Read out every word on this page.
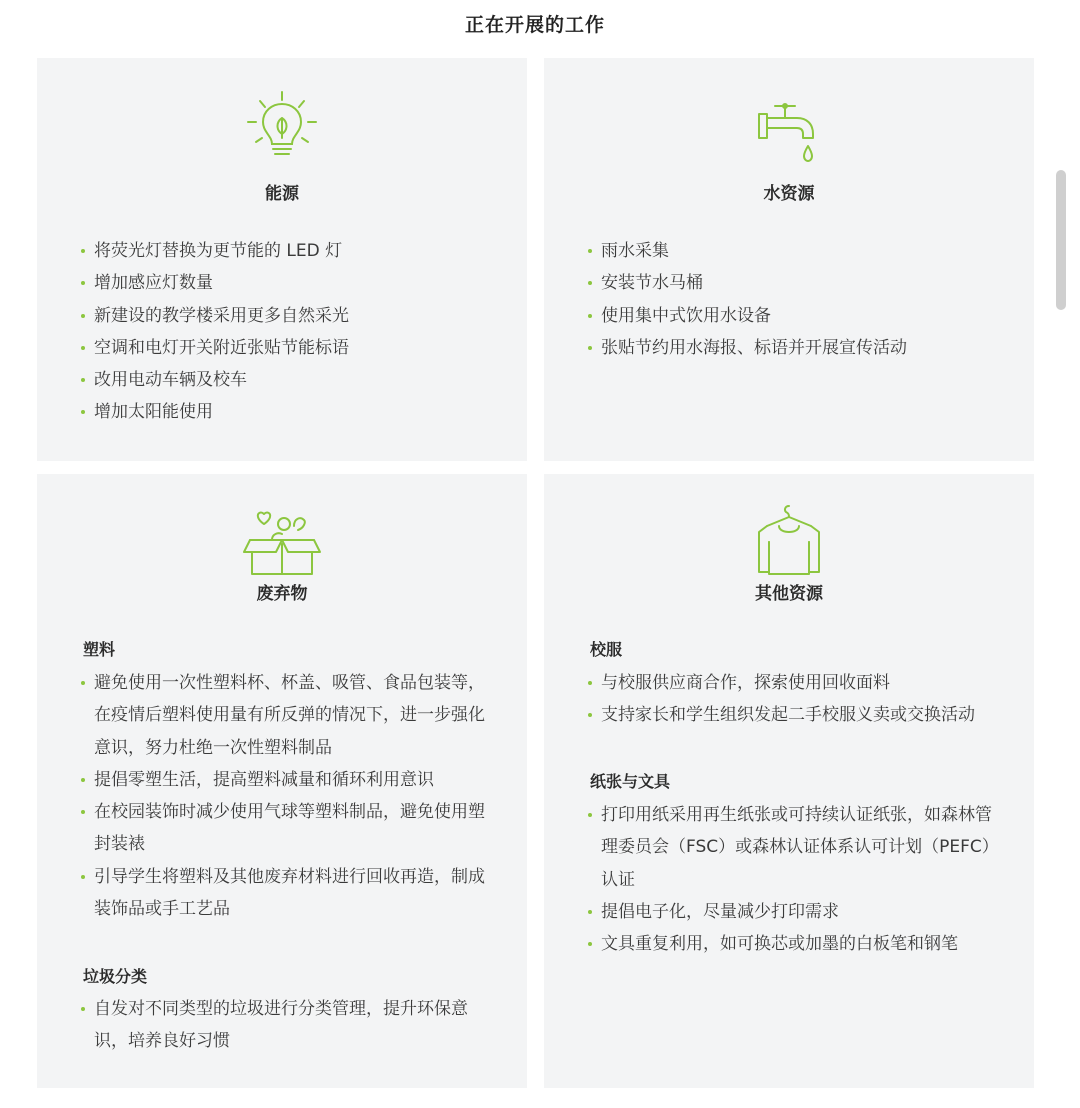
正在开展的工作
能源
将荧光灯替换为更节能的 LED 灯
增加感应灯数量
新建设的教学楼采用更多自然采光
空调和电灯开关附近张贴节能标语
改用电动车辆及校车
增加太阳能使用
水资源
雨水采集
安装节水马桶
使用集中式饮用水设备
张贴节约用水海报、标语并开展宣传活动
废弃物
塑料
避免使用一次性塑料杯、杯盖、吸管、食品包装等，在疫情后塑料使用量有所反弹的情况下，进一步强化意识，努力杜绝一次性塑料制品
提倡零塑生活，提高塑料减量和循环利用意识
在校园装饰时减少使用气球等塑料制品，避免使用塑封装裱
引导学生将塑料及其他废弃材料进行回收再造，制成装饰品或手工艺品
垃圾分类
自发对不同类型的垃圾进行分类管理，提升环保意识，培养良好习惯
其他资源
校服
与校服供应商合作，探索使用回收面料
支持家长和学生组织发起二手校服义卖或交换活动
纸张与文具
打印用纸采用再生纸张或可持续认证纸张，如森林管理委员会（FSC）或森林认证体系认可计划（PEFC）认证
提倡电子化，尽量减少打印需求
文具重复利用，如可换芯或加墨的白板笔和钢笔
